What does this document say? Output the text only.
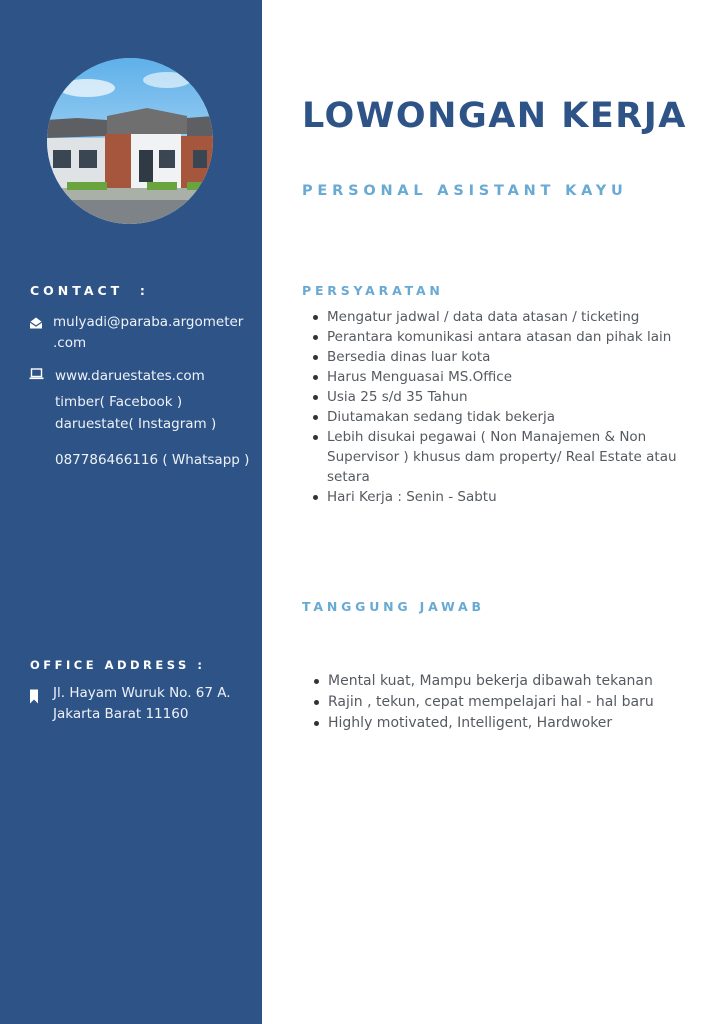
CONTACT  :
mulyadi@paraba.argometer
.com
www.daruestates.com
timber( Facebook )
daruestate( Instagram )
087786466116 ( Whatsapp )
OFFICE ADDRESS :
Jl. Hayam Wuruk No. 67 A.
Jakarta Barat 11160
LOWONGAN KERJA
PERSONAL ASISTANT KAYU
PERSYARATAN
Mengatur jadwal / data data atasan / ticketing
Perantara komunikasi antara atasan dan pihak lain
Bersedia dinas luar kota
Harus Menguasai MS.Office
Usia 25 s/d 35 Tahun
Diutamakan sedang tidak bekerja
Lebih disukai pegawai ( Non Manajemen & Non Supervisor ) khusus dam property/ Real Estate atau setara
Hari Kerja : Senin - Sabtu
TANGGUNG JAWAB
Mental kuat, Mampu bekerja dibawah tekanan
Rajin , tekun, cepat mempelajari hal - hal baru
Highly motivated, Intelligent, Hardwoker
